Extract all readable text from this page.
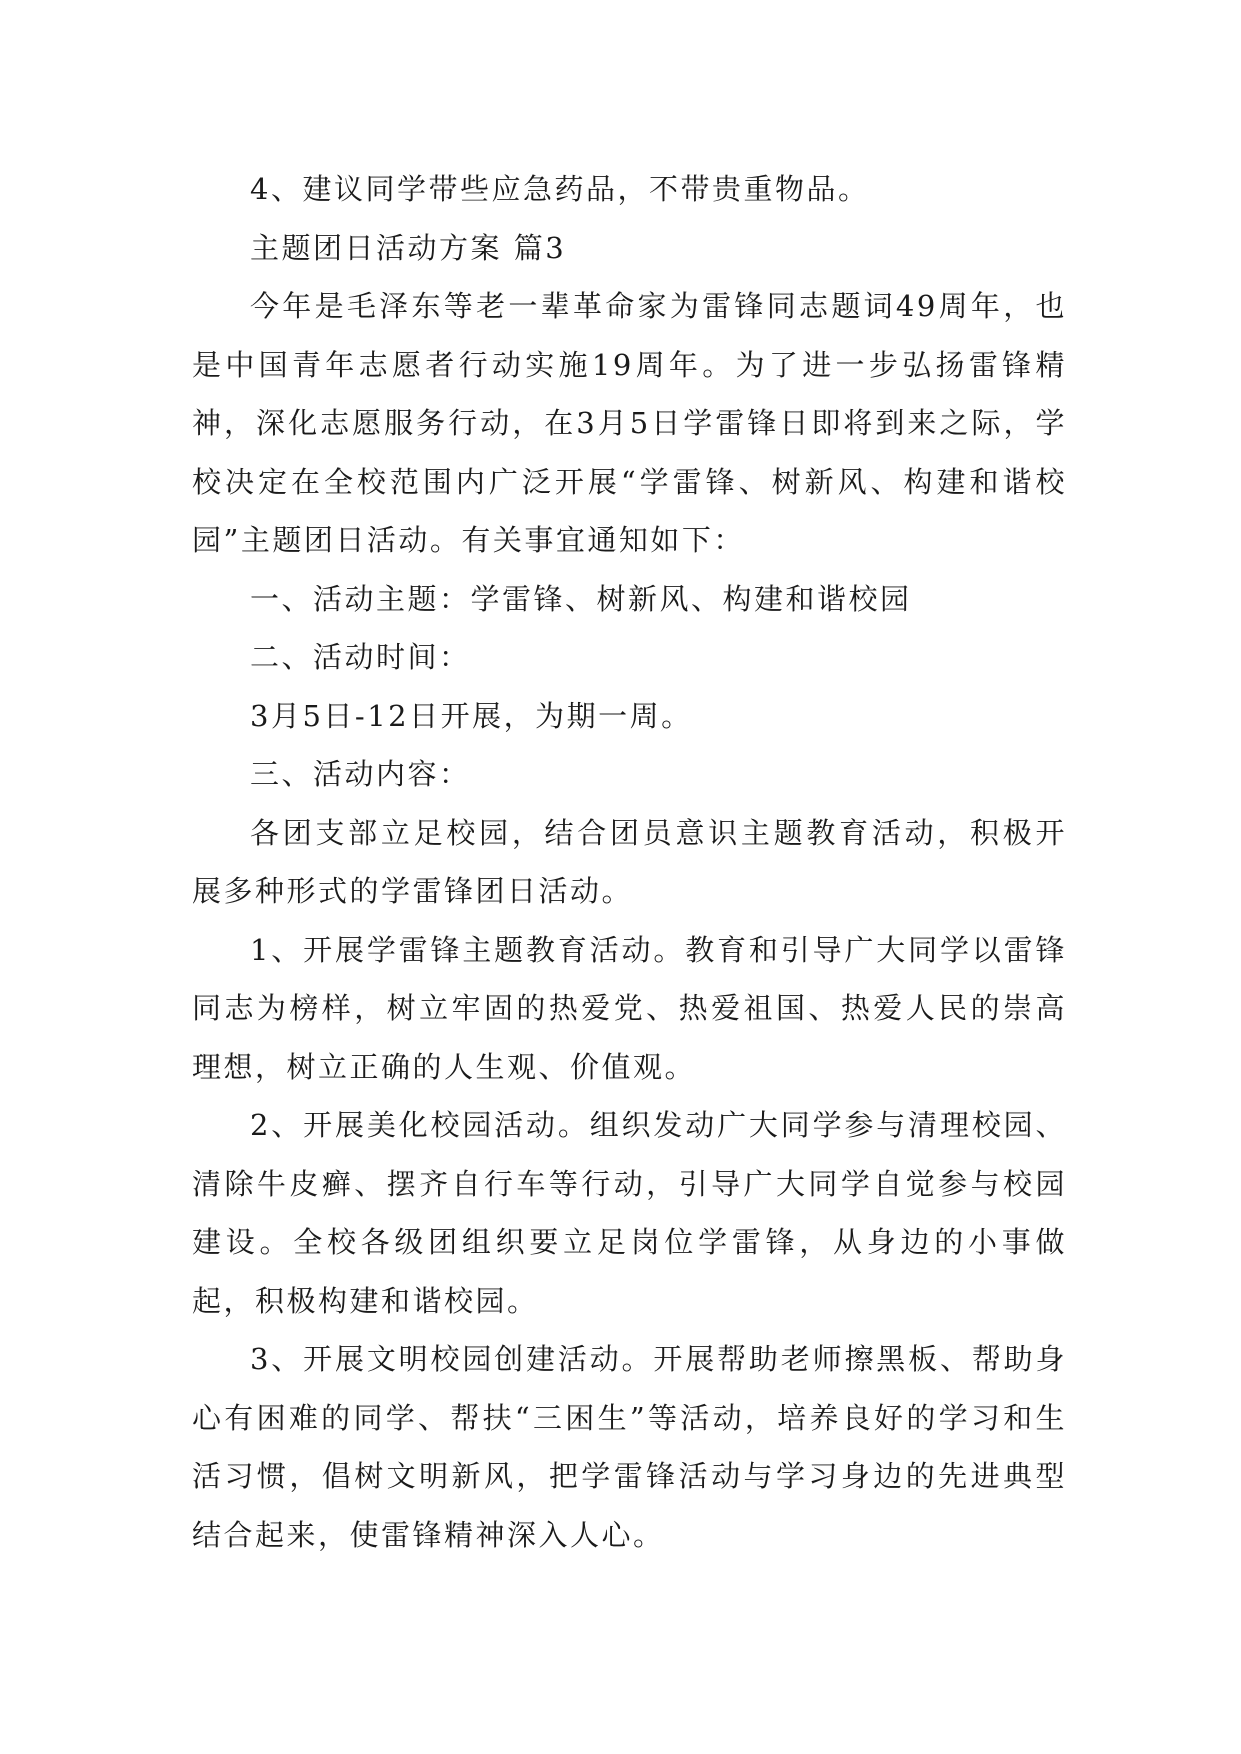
4、建议同学带些应急药品，不带贵重物品。

主题团日活动方案 篇3

今年是毛泽东等老一辈革命家为雷锋同志题词49周年，也是中国青年志愿者行动实施19周年。为了进一步弘扬雷锋精神，深化志愿服务行动，在3月5日学雷锋日即将到来之际，学校决定在全校范围内广泛开展“学雷锋、树新风、构建和谐校园”主题团日活动。有关事宜通知如下：

一、活动主题：学雷锋、树新风、构建和谐校园

二、活动时间：

3月5日-12日开展，为期一周。

三、活动内容：

各团支部立足校园，结合团员意识主题教育活动，积极开展多种形式的学雷锋团日活动。

1、开展学雷锋主题教育活动。教育和引导广大同学以雷锋同志为榜样，树立牢固的热爱党、热爱祖国、热爱人民的崇高理想，树立正确的人生观、价值观。

2、开展美化校园活动。组织发动广大同学参与清理校园、清除牛皮癣、摆齐自行车等行动，引导广大同学自觉参与校园建设。全校各级团组织要立足岗位学雷锋，从身边的小事做起，积极构建和谐校园。

3、开展文明校园创建活动。开展帮助老师擦黑板、帮助身心有困难的同学、帮扶“三困生”等活动，培养良好的学习和生活习惯，倡树文明新风，把学雷锋活动与学习身边的先进典型结合起来，使雷锋精神深入人心。
